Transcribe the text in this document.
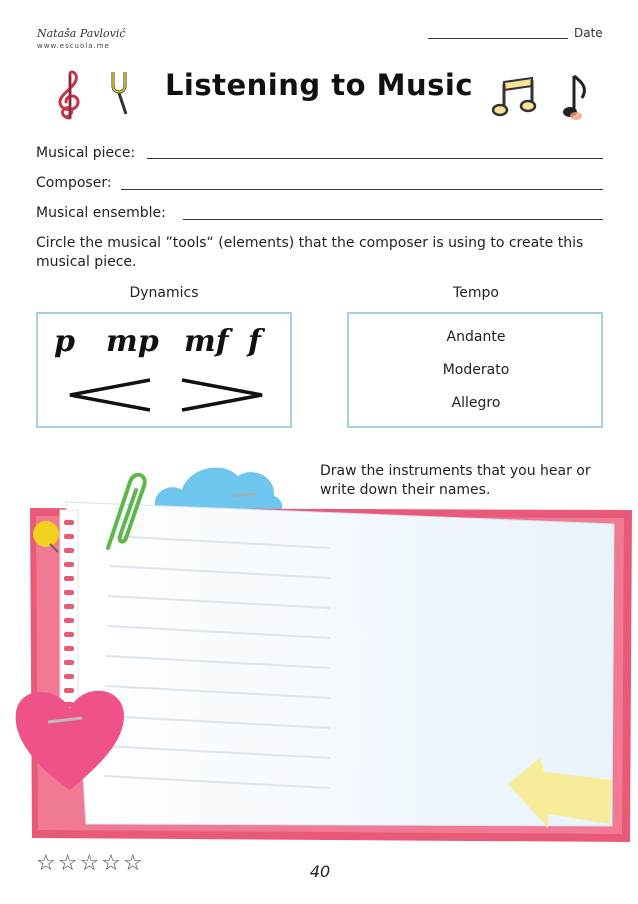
Nataša Pavlović
www.escuola.me
Date
Listening to Music
Musical piece:
Composer:
Musical ensemble:
Circle the musical ”tools“ (elements) that the composer is using to create this musical piece.
Dynamics
p mp mf f
Tempo
Andante
Moderato
Allegro
Draw the instruments that you hear or write down their names.
☆☆☆☆☆	40
